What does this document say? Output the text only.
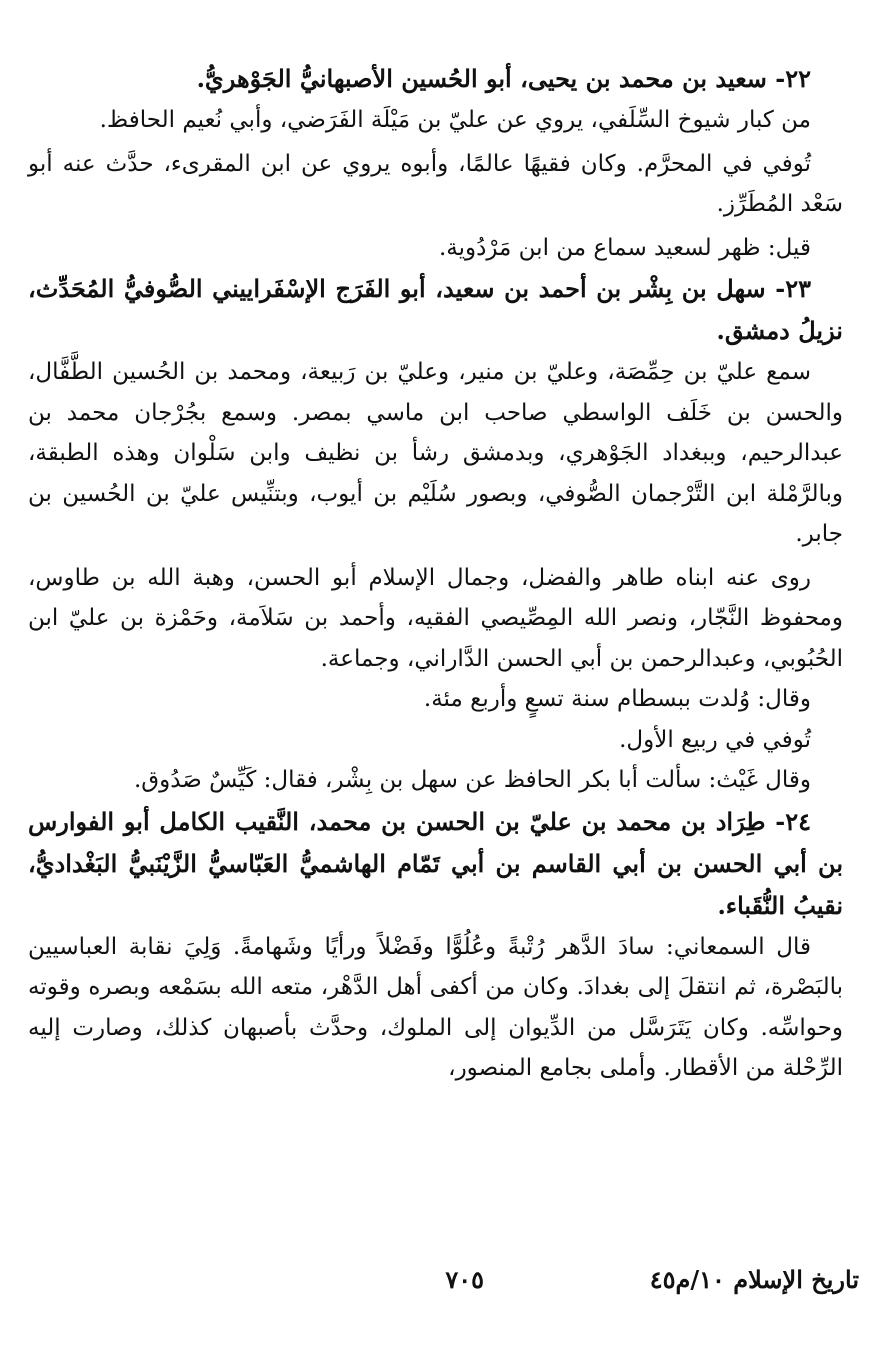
٢٢- سعيد بن محمد بن يحيى، أبو الحُسين الأصبهانيُّ الجَوْهريُّ.

من كبار شيوخ السِّلَفي، يروي عن عليّ بن مَيْلَة الفَرَضي، وأبي نُعيم الحافظ.

تُوفي في المحرَّم. وكان فقيهًا عالمًا، وأبوه يروي عن ابن المقرىء، حدَّث عنه أبو سَعْد المُطَرِّز.

قيل: ظهر لسعيد سماع من ابن مَرْدُوية.

٢٣- سهل بن بِشْر بن أحمد بن سعيد، أبو الفَرَج الإسْفَراييني الصُّوفيُّ المُحَدِّث، نزيلُ دمشق.

سمع عليّ بن حِمِّصَة، وعليّ بن منير، وعليّ بن رَبيعة، ومحمد بن الحُسين الطَّفَّال، والحسن بن خَلَف الواسطي صاحب ابن ماسي بمصر. وسمع بجُرْجان محمد بن عبدالرحيم، وببغداد الجَوْهري، وبدمشق رشأ بن نظيف وابن سَلْوان وهذه الطبقة، وبالرَّمْلة ابن التَّرْجمان الصُّوفي، وبصور سُلَيْم بن أيوب، وبتنِّيس عليّ بن الحُسين بن جابر.

روى عنه ابناه طاهر والفضل، وجمال الإسلام أبو الحسن، وهبة الله بن طاوس، ومحفوظ النَّجّار، ونصر الله المِصِّيصي الفقيه، وأحمد بن سَلاَمة، وحَمْزة بن عليّ ابن الحُبُوبي، وعبدالرحمن بن أبي الحسن الدَّاراني، وجماعة.

وقال: وُلدت ببسطام سنة تسعٍ وأربع مئة.

تُوفي في ربيع الأول.

وقال غَيْث: سألت أبا بكر الحافظ عن سهل بن بِشْر، فقال: كَيِّسٌ صَدُوق.

٢٤- طِرَاد بن محمد بن عليّ بن الحسن بن محمد، النَّقيب الكامل أبو الفوارس بن أبي الحسن بن أبي القاسم بن أبي تَمّام الهاشميُّ العَبّاسيُّ الزَّيْنَبيُّ البَغْداديُّ، نقيبُ النُّقَباء.

قال السمعاني: سادَ الدَّهر رُتْبةً وعُلُوًّا وفَضْلاً ورأيًا وشَهامةً. وَلِيَ نقابة العباسيين بالبَصْرة، ثم انتقلَ إلى بغدادَ. وكان من أكفى أهل الدَّهْر، متعه الله بسَمْعه وبصره وقوته وحواسِّه. وكان يَتَرَسَّل من الدِّيوان إلى الملوك، وحدَّث بأصبهان كذلك، وصارت إليه الرِّحْلة من الأقطار. وأملى بجامع المنصور،

تاريخ الإسلام ١٠/م٤٥
٧٠٥
